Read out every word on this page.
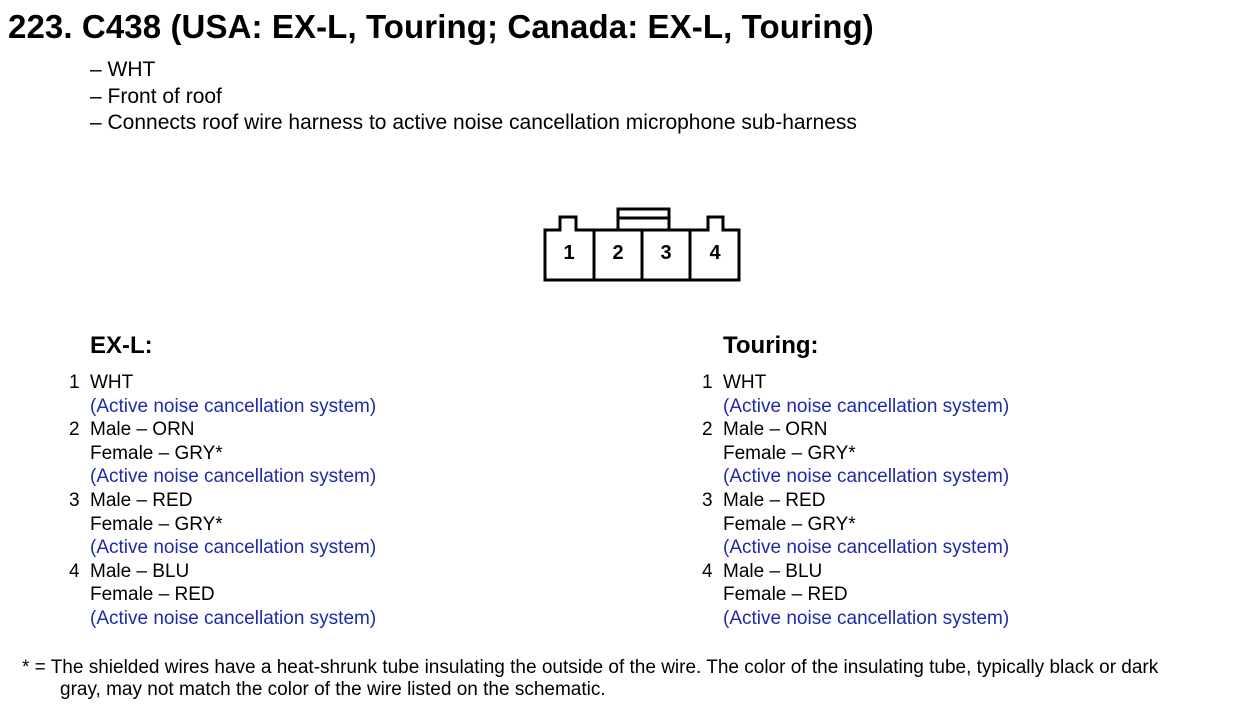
223. C438 (USA: EX-L, Touring; Canada: EX-L, Touring)
– WHT
– Front of roof
– Connects roof wire harness to active noise cancellation microphone sub-harness
1 2 3 4
EX-L:
1 WHT
(Active noise cancellation system)
2 Male – ORN
Female – GRY*
(Active noise cancellation system)
3 Male – RED
Female – GRY*
(Active noise cancellation system)
4 Male – BLU
Female – RED
(Active noise cancellation system)
Touring:
1 WHT
(Active noise cancellation system)
2 Male – ORN
Female – GRY*
(Active noise cancellation system)
3 Male – RED
Female – GRY*
(Active noise cancellation system)
4 Male – BLU
Female – RED
(Active noise cancellation system)
* = The shielded wires have a heat-shrunk tube insulating the outside of the wire. The color of the insulating tube, typically black or dark
gray, may not match the color of the wire listed on the schematic.
